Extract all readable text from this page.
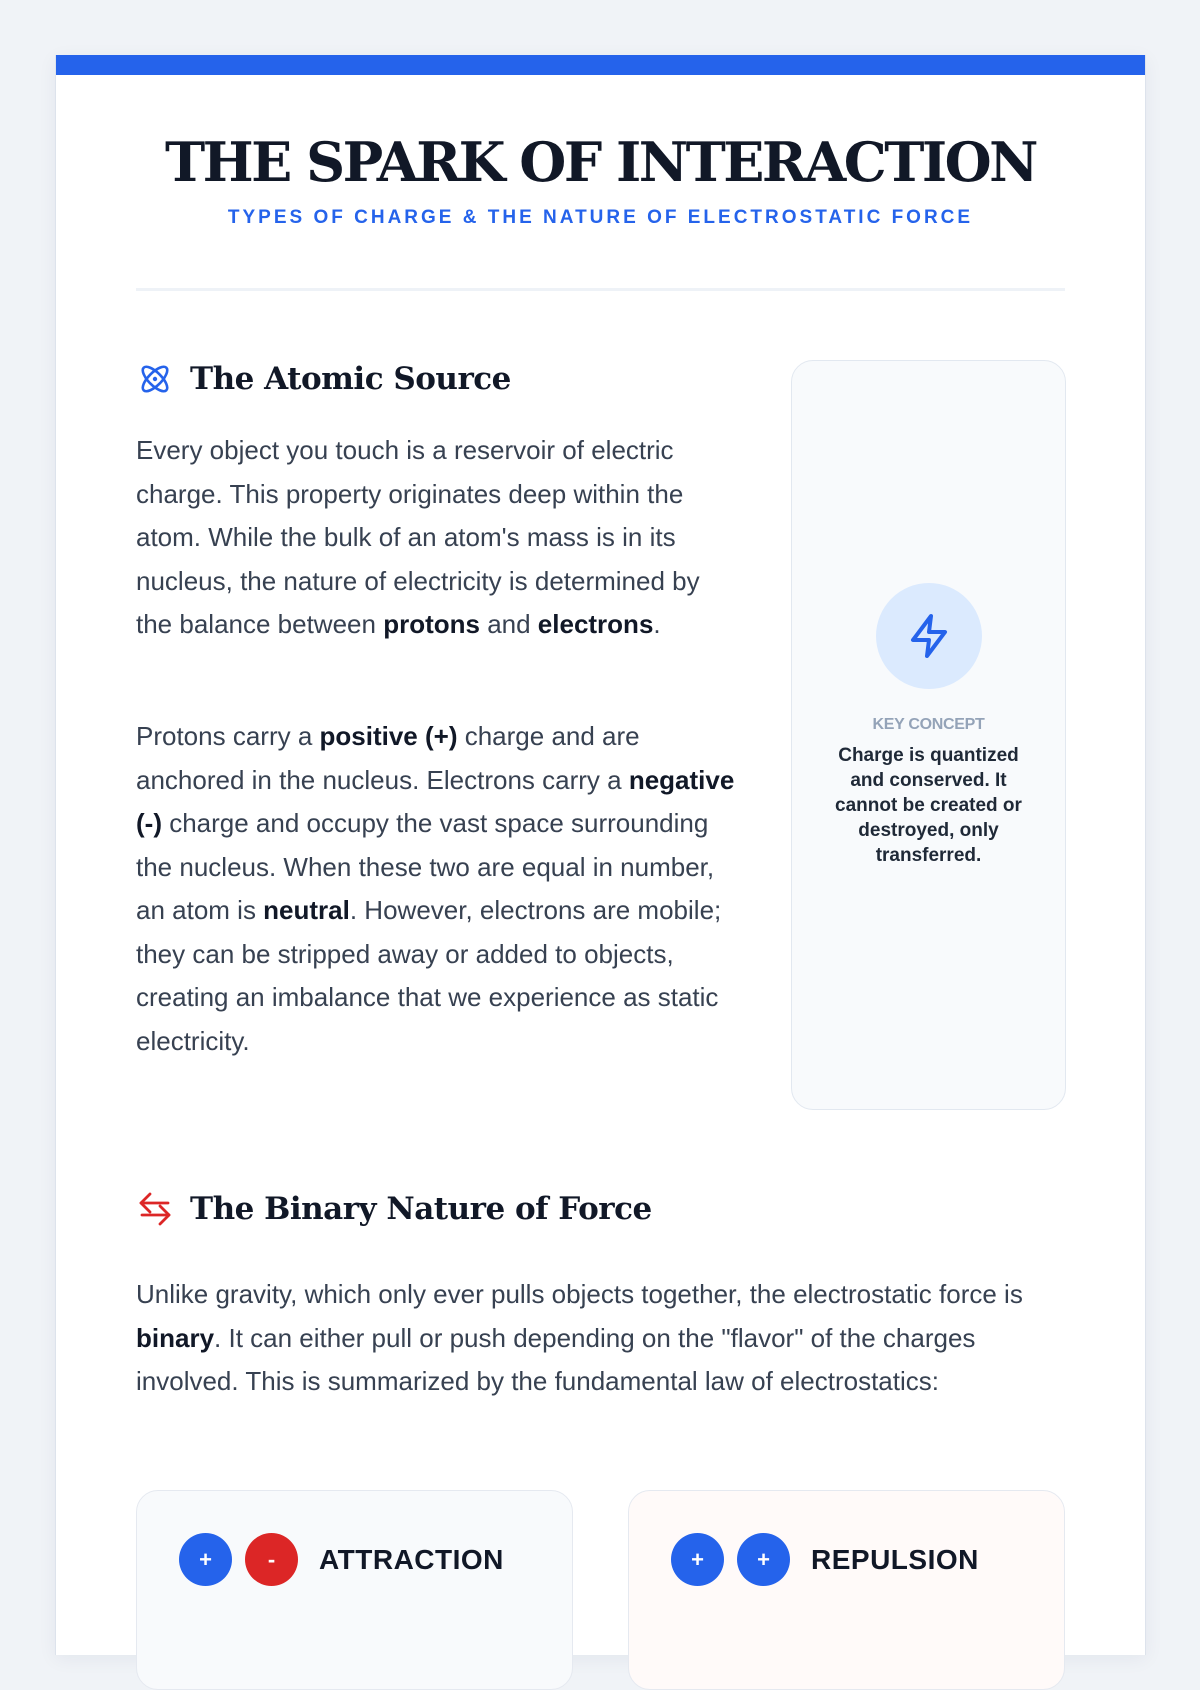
THE SPARK OF INTERACTION
TYPES OF CHARGE & THE NATURE OF ELECTROSTATIC FORCE
The Atomic Source

Every object you touch is a reservoir of electric charge. This property originates deep within the atom. While the bulk of an atom's mass is in its nucleus, the nature of electricity is determined by the balance between protons and electrons.

Protons carry a positive (+) charge and are anchored in the nucleus. Electrons carry a negative (-) charge and occupy the vast space surrounding the nucleus. When these two are equal in number, an atom is neutral. However, electrons are mobile; they can be stripped away or added to objects, creating an imbalance that we experience as static electricity.

KEY CONCEPT
Charge is quantized and conserved. It cannot be created or destroyed, only transferred.
The Binary Nature of Force

Unlike gravity, which only ever pulls objects together, the electrostatic force is binary. It can either pull or push depending on the "flavor" of the charges involved. This is summarized by the fundamental law of electrostatics:

+	-	ATTRACTION	+	+	REPULSION
